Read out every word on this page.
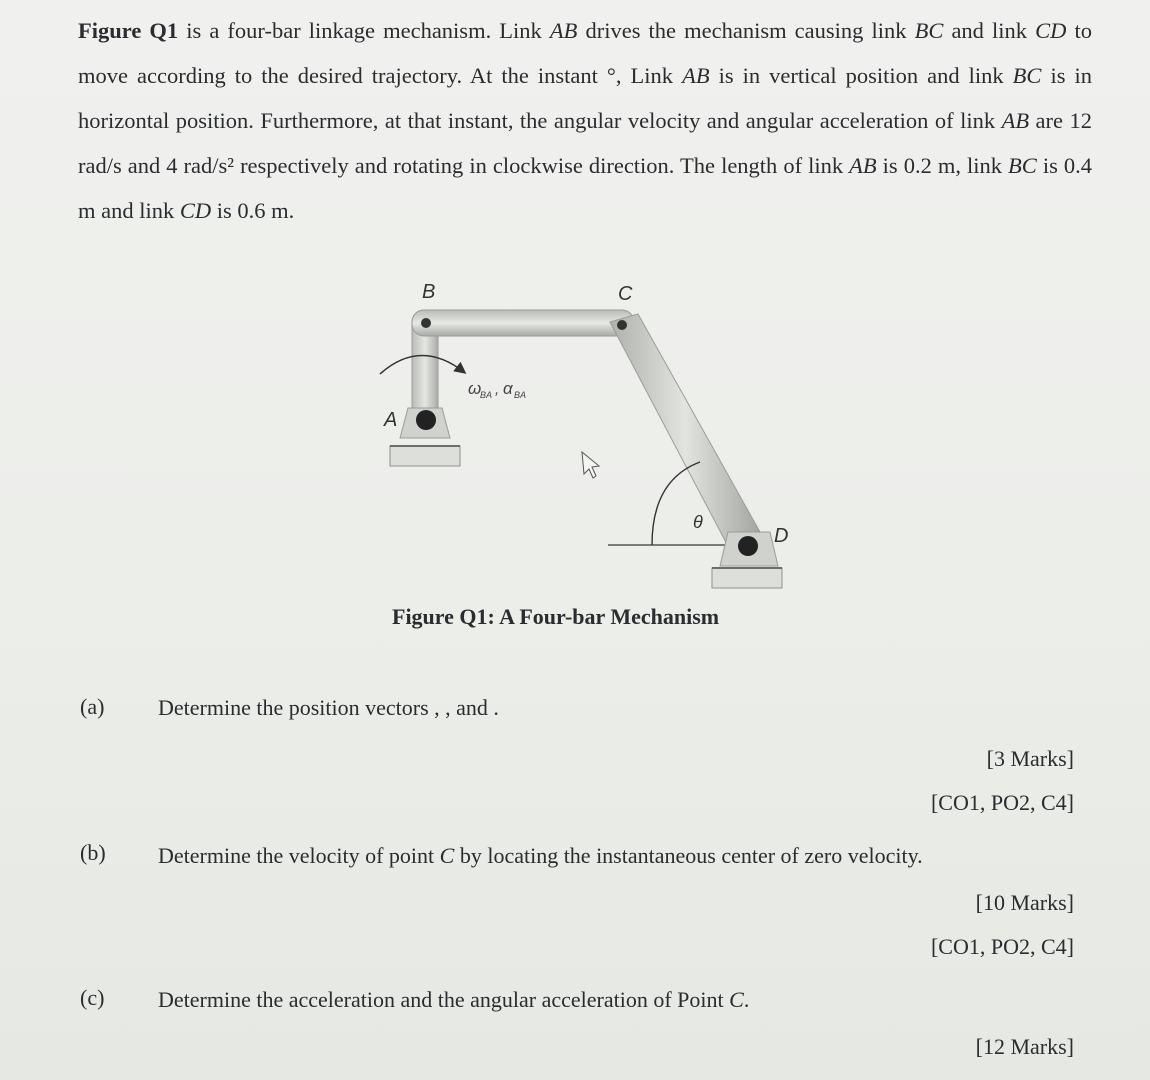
Figure Q1 is a four-bar linkage mechanism. Link AB drives the mechanism causing link BC and link CD to move according to the desired trajectory. At the instant °, Link AB is in vertical position and link BC is in horizontal position. Furthermore, at that instant, the angular velocity and angular acceleration of link AB are 12 rad/s and 4 rad/s² respectively and rotating in clockwise direction. The length of link AB is 0.2 m, link BC is 0.4 m and link CD is 0.6 m.
B	C
A
D
θ
ω
BA , α BA
Figure Q1: A Four-bar Mechanism
(a) Determine the position vectors , , and .
[3 Marks]
[CO1, PO2, C4]
(b) Determine the velocity of point C by locating the instantaneous center of zero velocity.
[10 Marks]
[CO1, PO2, C4]
(c) Determine the acceleration and the angular acceleration of Point C.
[12 Marks]
